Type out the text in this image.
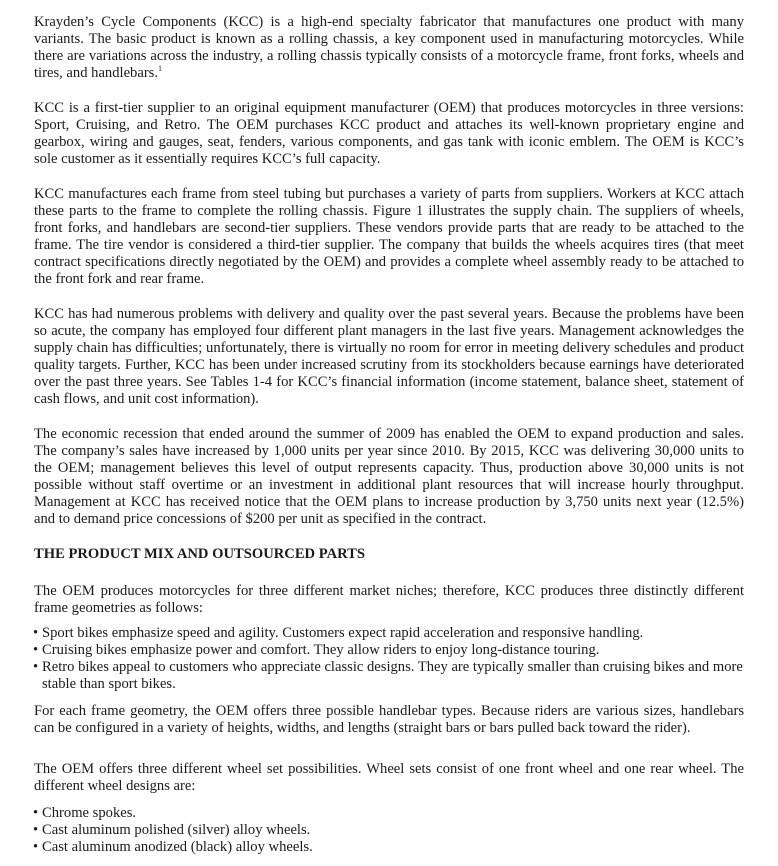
Krayden’s Cycle Components (KCC) is a high-end specialty fabricator that manufactures one product with many variants. The basic product is known as a rolling chassis, a key component used in manufacturing motorcycles. While there are variations across the industry, a rolling chassis typically consists of a motorcycle frame, front forks, wheels and tires, and handlebars.$^1$

KCC is a first-tier supplier to an original equipment manufacturer (OEM) that produces motorcycles in three versions: Sport, Cruising, and Retro. The OEM purchases KCC product and attaches its well-known proprietary engine and gearbox, wiring and gauges, seat, fenders, various components, and gas tank with iconic emblem. The OEM is KCC’s sole customer as it essentially requires KCC’s full capacity.

KCC manufactures each frame from steel tubing but purchases a variety of parts from suppliers. Workers at KCC attach these parts to the frame to complete the rolling chassis. Figure 1 illustrates the supply chain. The suppliers of wheels, front forks, and handlebars are second-tier suppliers. These vendors provide parts that are ready to be attached to the frame. The tire vendor is considered a third-tier supplier. The company that builds the wheels acquires tires (that meet contract specifications directly negotiated by the OEM) and provides a complete wheel assembly ready to be attached to the front fork and rear frame.

KCC has had numerous problems with delivery and quality over the past several years. Because the problems have been so acute, the company has employed four different plant managers in the last five years. Management acknowledges the supply chain has difficulties; unfortunately, there is virtually no room for error in meeting delivery schedules and product quality targets. Further, KCC has been under increased scrutiny from its stockholders because earnings have deteriorated over the past three years. See Tables 1-4 for KCC’s financial information (income statement, balance sheet, statement of cash flows, and unit cost information).

The economic recession that ended around the summer of 2009 has enabled the OEM to expand production and sales. The company’s sales have increased by 1,000 units per year since 2010. By 2015, KCC was delivering 30,000 units to the OEM; management believes this level of output represents capacity. Thus, production above 30,000 units is not possible without staff overtime or an investment in additional plant resources that will increase hourly throughput. Management at KCC has received notice that the OEM plans to increase production by 3,750 units next year (12.5%) and to demand price concessions of $200 per unit as specified in the contract.

THE PRODUCT MIX AND OUTSOURCED PARTS

The OEM produces motorcycles for three different market niches; therefore, KCC produces three distinctly different frame geometries as follows:

• Sport bikes emphasize speed and agility. Customers expect rapid acceleration and responsive handling.
• Cruising bikes emphasize power and comfort. They allow riders to enjoy long-distance touring.
• Retro bikes appeal to customers who appreciate classic designs. They are typically smaller than cruising bikes and more stable than sport bikes.

For each frame geometry, the OEM offers three possible handlebar types. Because riders are various sizes, handlebars can be configured in a variety of heights, widths, and lengths (straight bars or bars pulled back toward the rider).

The OEM offers three different wheel set possibilities. Wheel sets consist of one front wheel and one rear wheel. The different wheel designs are:

• Chrome spokes.
• Cast aluminum polished (silver) alloy wheels.
• Cast aluminum anodized (black) alloy wheels.
